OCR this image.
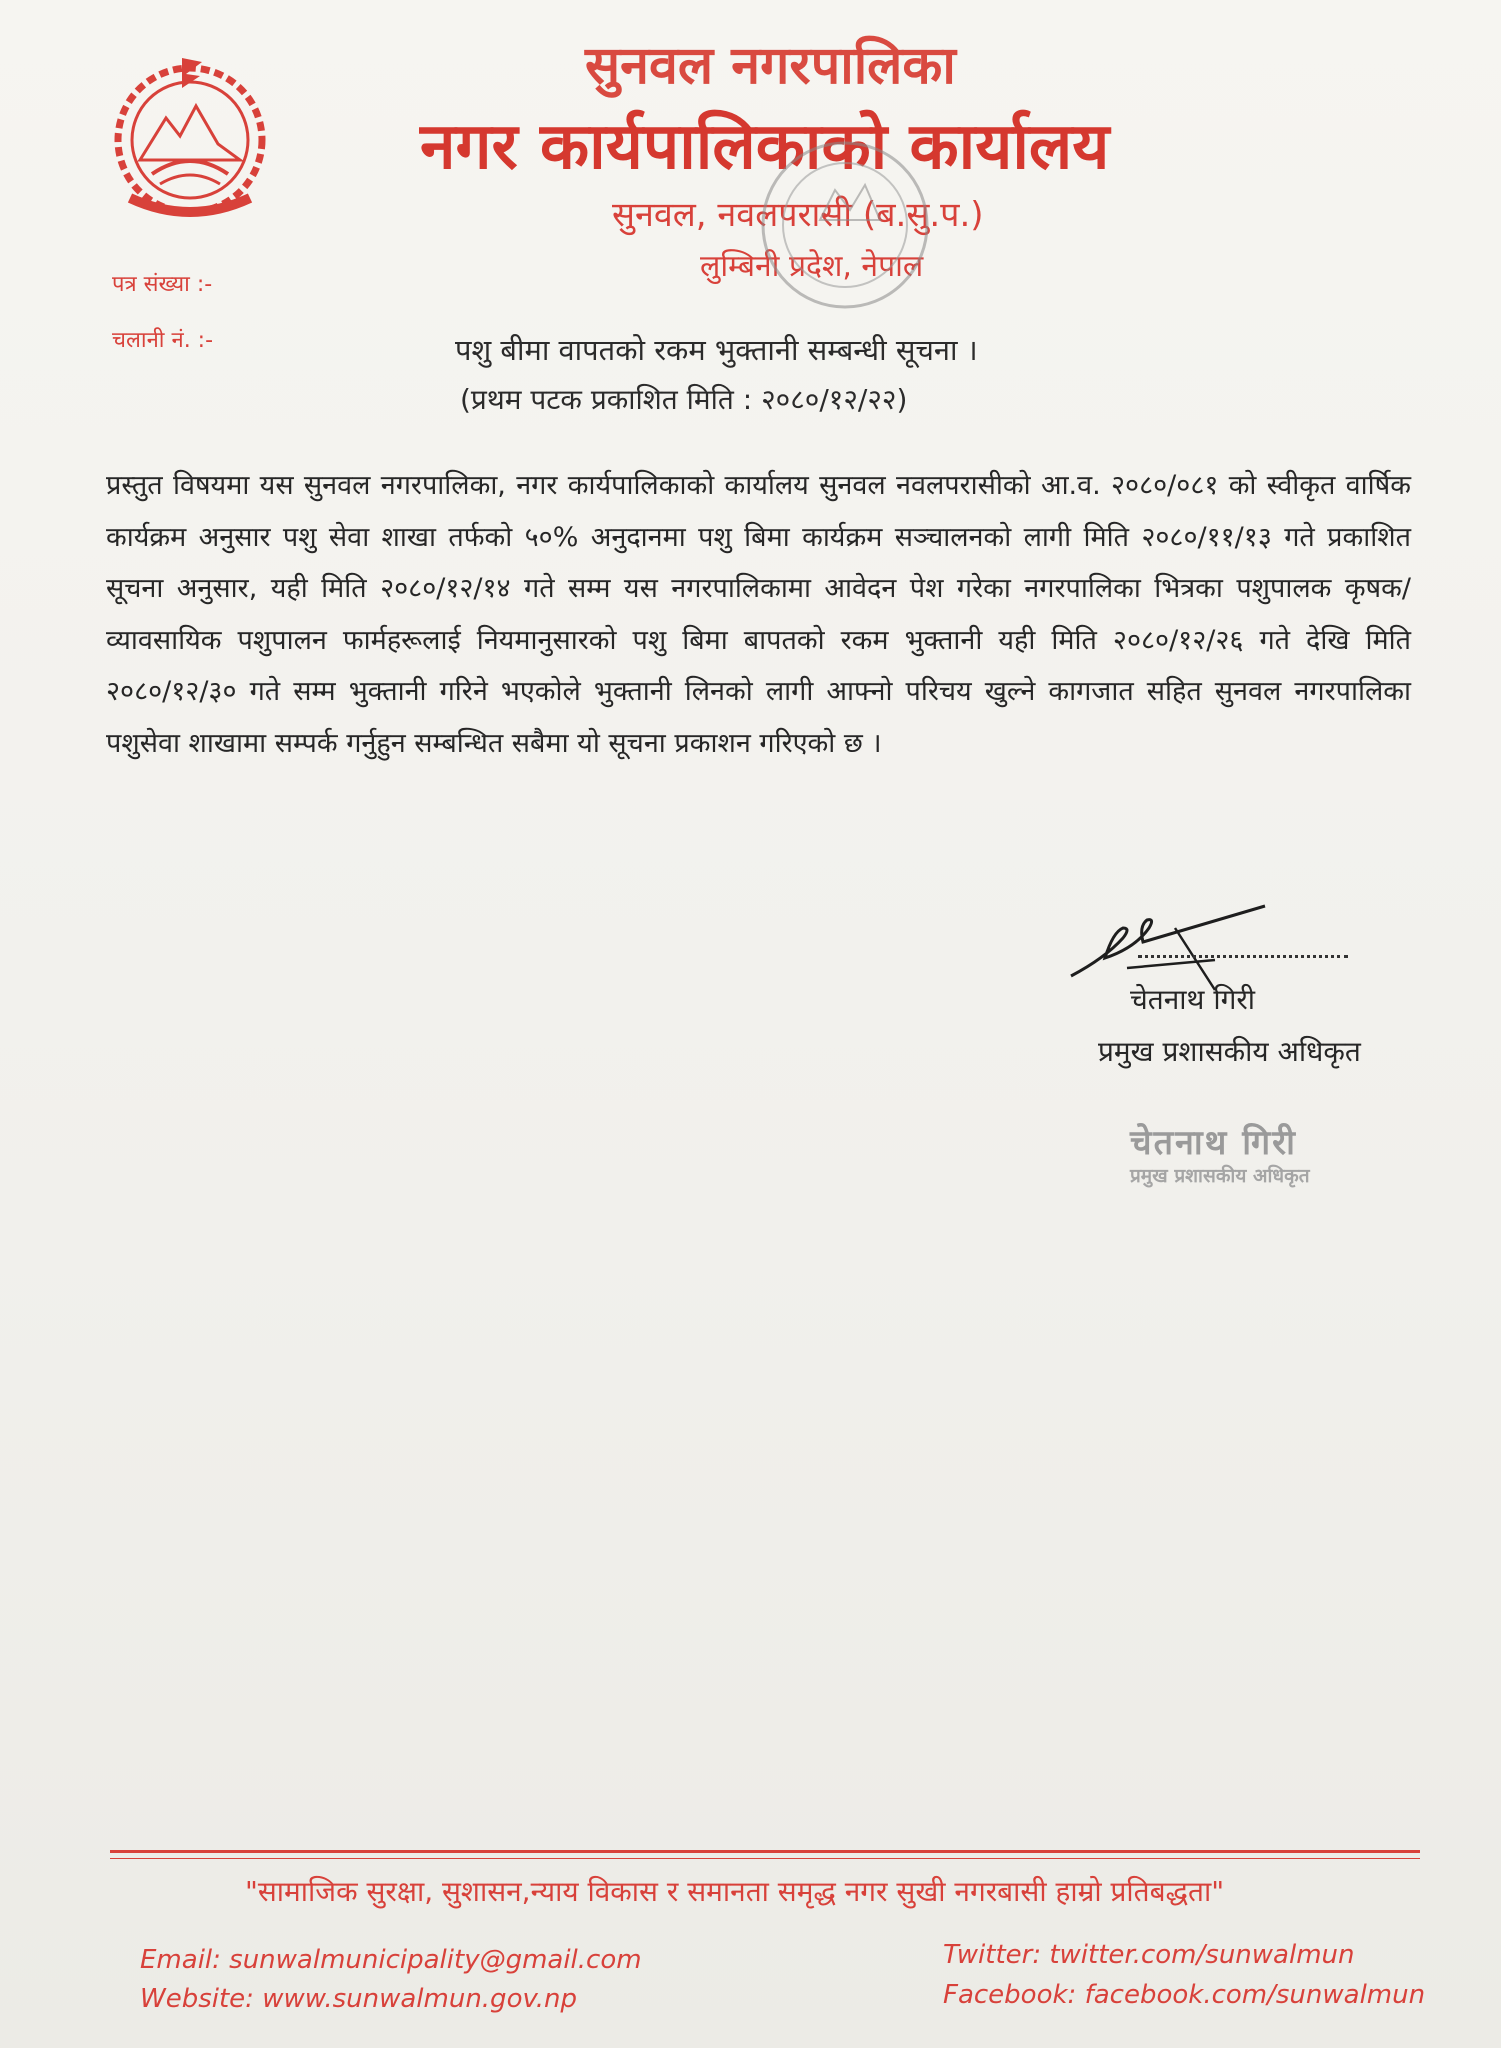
सुनवल नगरपालिका
नगर कार्यपालिकाको कार्यालय
सुनवल, नवलपरासी (ब.सु.प.)
लुम्बिनी प्रदेश, नेपाल
पत्र संख्या :-
चलानी नं. :-	पशु बीमा वापतको रकम भुक्तानी सम्बन्धी सूचना ।
(प्रथम पटक प्रकाशित मिति : २०८०/१२/२२)
प्रस्तुत विषयमा यस सुनवल नगरपालिका, नगर कार्यपालिकाको कार्यालय सुनवल नवलपरासीको आ.व. २०८०/०८१ को स्वीकृत वार्षिक कार्यक्रम अनुसार पशु सेवा शाखा तर्फको ५०% अनुदानमा पशु बिमा कार्यक्रम सञ्चालनको लागी मिति २०८०/११/१३ गते प्रकाशित सूचना अनुसार, यही मिति २०८०/१२/१४ गते सम्म यस नगरपालिकामा आवेदन पेश गरेका नगरपालिका भित्रका पशुपालक कृषक/ व्यावसायिक पशुपालन फार्महरूलाई नियमानुसारको पशु बिमा बापतको रकम भुक्तानी यही मिति २०८०/१२/२६ गते देखि मिति २०८०/१२/३० गते सम्म भुक्तानी गरिने भएकोले भुक्तानी लिनको लागी आफ्नो परिचय खुल्ने कागजात सहित सुनवल नगरपालिका पशुसेवा शाखामा सम्पर्क गर्नुहुन सम्बन्धित सबैमा यो सूचना प्रकाशन गरिएको छ ।
चेतनाथ गिरी
प्रमुख प्रशासकीय अधिकृत
चेतनाथ गिरी
प्रमुख प्रशासकीय अधिकृत
"सामाजिक सुरक्षा, सुशासन,न्याय विकास र समानता समृद्ध नगर सुखी नगरबासी हाम्रो प्रतिबद्धता"
Email: sunwalmunicipality@gmail.com
Website: www.sunwalmun.gov.np
Twitter: twitter.com/sunwalmun
Facebook: facebook.com/sunwalmun
